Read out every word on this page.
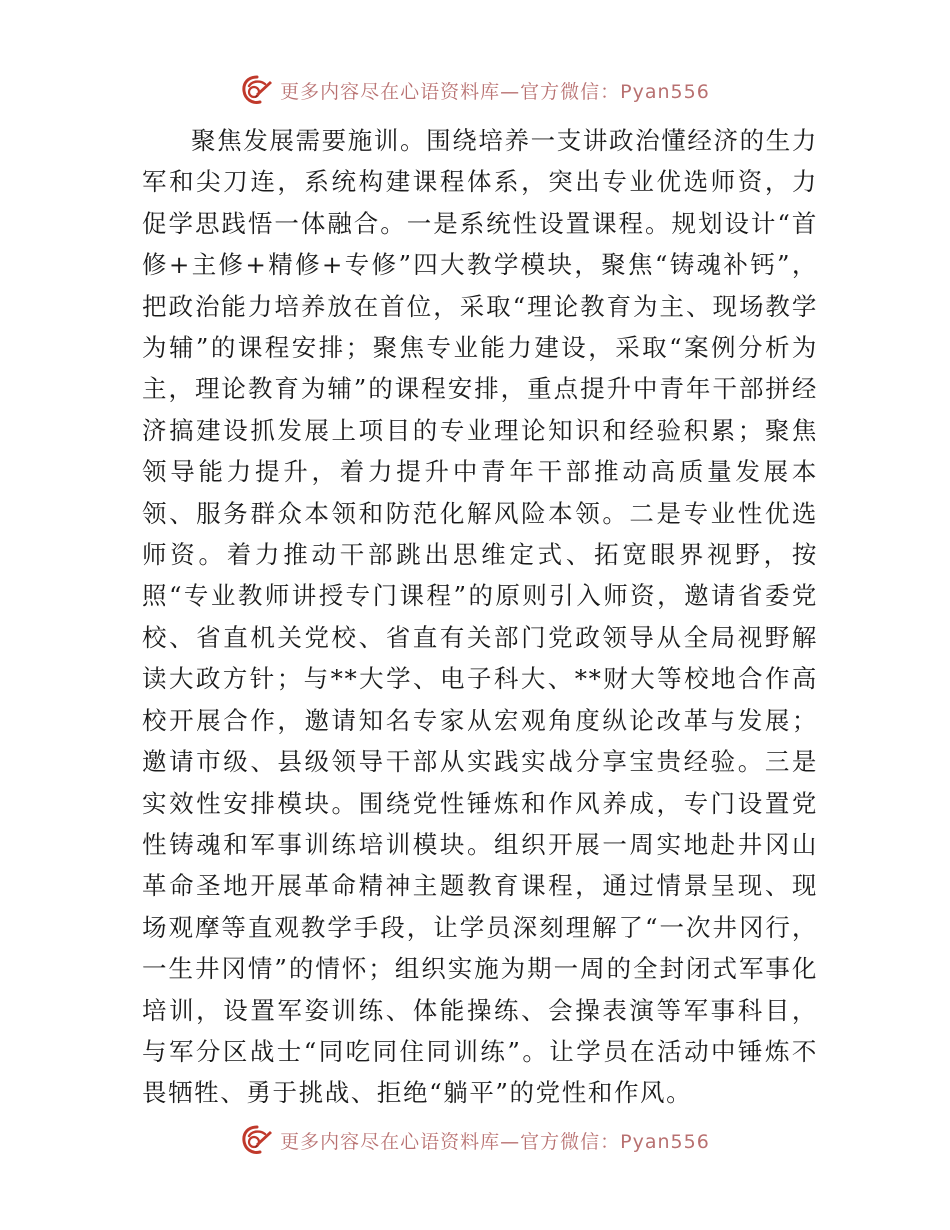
更多内容尽在心语资料库—官方微信：Pyan556

聚焦发展需要施训。围绕培养一支讲政治懂经济的生力军和尖刀连，系统构建课程体系，突出专业优选师资，力促学思践悟一体融合。一是系统性设置课程。规划设计“首修+主修+精修+专修”四大教学模块，聚焦“铸魂补钙”，把政治能力培养放在首位，采取“理论教育为主、现场教学为辅”的课程安排；聚焦专业能力建设，采取“案例分析为主，理论教育为辅”的课程安排，重点提升中青年干部拼经济搞建设抓发展上项目的专业理论知识和经验积累；聚焦领导能力提升，着力提升中青年干部推动高质量发展本领、服务群众本领和防范化解风险本领。二是专业性优选师资。着力推动干部跳出思维定式、拓宽眼界视野，按照“专业教师讲授专门课程”的原则引入师资，邀请省委党校、省直机关党校、省直有关部门党政领导从全局视野解读大政方针；与**大学、电子科大、**财大等校地合作高校开展合作，邀请知名专家从宏观角度纵论改革与发展；邀请市级、县级领导干部从实践实战分享宝贵经验。三是实效性安排模块。围绕党性锤炼和作风养成，专门设置党性铸魂和军事训练培训模块。组织开展一周实地赴井冈山革命圣地开展革命精神主题教育课程，通过情景呈现、现场观摩等直观教学手段，让学员深刻理解了“一次井冈行，一生井冈情”的情怀；组织实施为期一周的全封闭式军事化培训，设置军姿训练、体能操练、会操表演等军事科目，与军分区战士“同吃同住同训练”。让学员在活动中锤炼不畏牺牲、勇于挑战、拒绝“躺平”的党性和作风。

更多内容尽在心语资料库—官方微信：Pyan556
